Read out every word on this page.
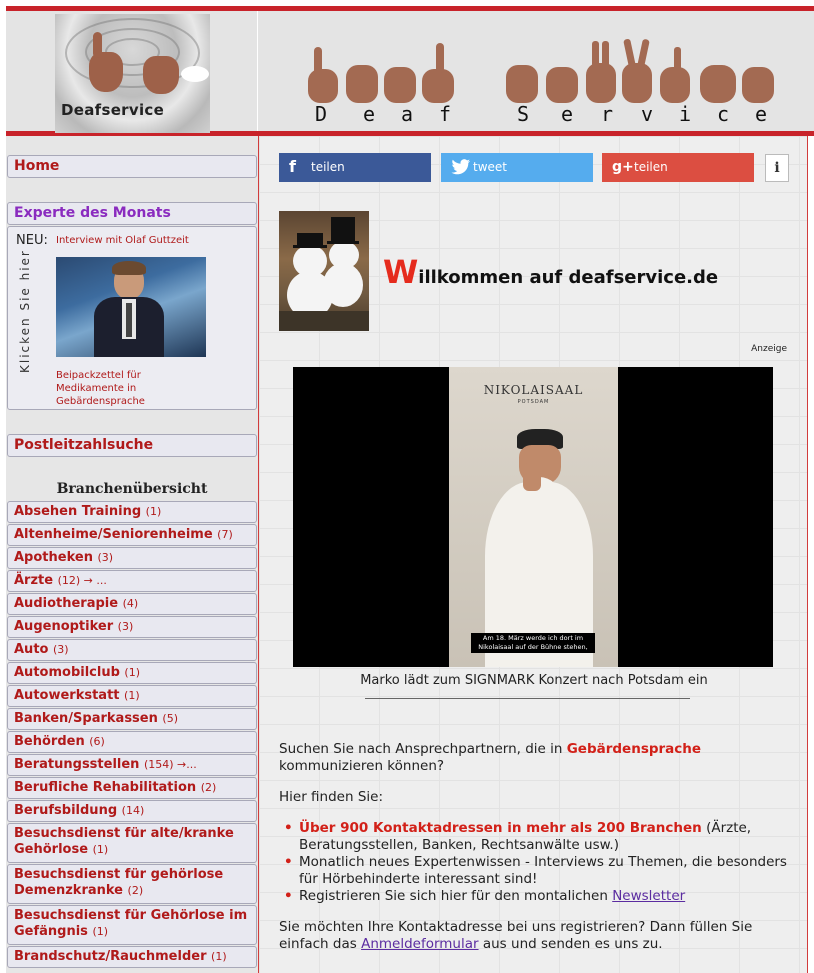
Deafservice	D e a f	S e r v i c e
Home
Experte des Monats
NEU: Interview mit Olaf Guttzeit
Klicken Sie hier
Beipackzettel für Medikamente in Gebärdensprache
Postleitzahlsuche
Branchenübersicht
Absehen Training (1)
Altenheime/Seniorenheime (7)
Apotheken (3)
Ärzte (12) → ...
Audiotherapie (4)
Augenoptiker (3)
Auto (3)
Automobilclub (1)
Autowerkstatt (1)
Banken/Sparkassen (5)
Behörden (6)
Beratungsstellen (154) →...
Berufliche Rehabilitation (2)
Berufsbildung (14)
Besuchsdienst für alte/kranke Gehörlose (1)
Besuchsdienst für gehörlose Demenzkranke (2)
Besuchsdienst für Gehörlose im Gefängnis (1)
Brandschutz/Rauchmelder (1)
f teilen	tweet	g+ teilen	i
Willkommen auf deafservice.de
Anzeige
NIKOLAISAAL
POTSDAM
Am 18. März werde ich dort im Nikolaisaal auf der Bühne stehen,
Marko lädt zum SIGNMARK Konzert nach Potsdam ein

Suchen Sie nach Ansprechpartnern, die in Gebärdensprache kommunizieren können?

Hier finden Sie:

• Über 900 Kontaktadressen in mehr als 200 Branchen (Ärzte, Beratungsstellen, Banken, Rechtsanwälte usw.)
• Monatlich neues Expertenwissen - Interviews zu Themen, die besonders für Hörbehinderte interessant sind!
• Registrieren Sie sich hier für den montalichen Newsletter

Sie möchten Ihre Kontaktadresse bei uns registrieren? Dann füllen Sie einfach das Anmeldeformular aus und senden es uns zu.
